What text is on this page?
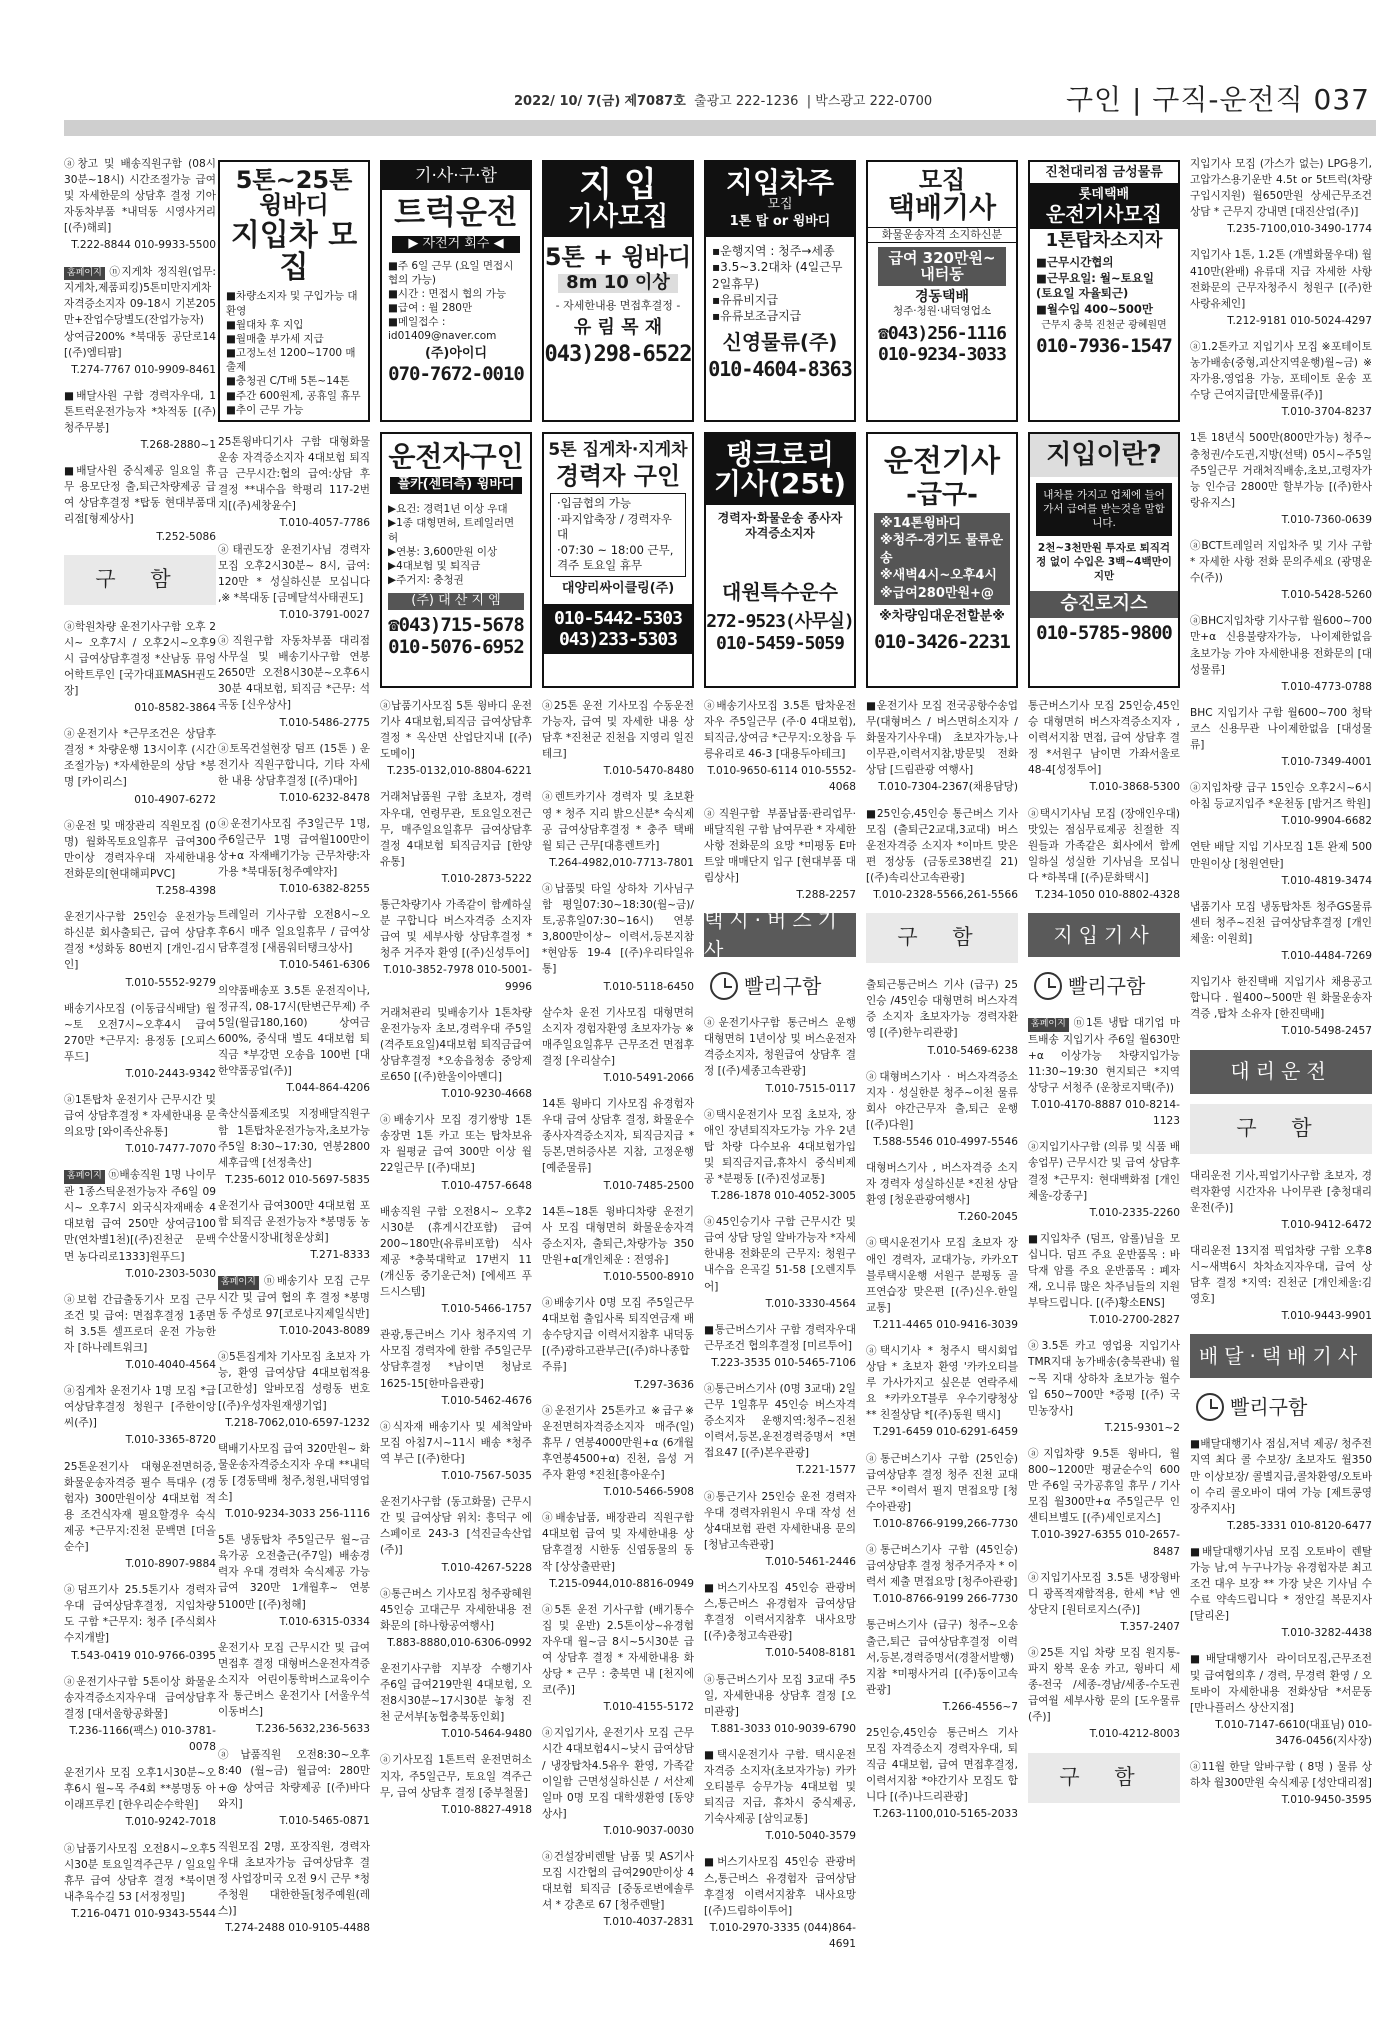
2022/ 10/ 7(금) 제7087호 출광고 222-1236  | 박스광고 222-0700	구인 | 구직-운전직 037
5톤~25톤 윙바디
지입차 모집
■차량소지자 및 구입가능 대환영
■월대차 후 지입
■월매출 부가세 지급
■고정노선 1200~1700 매출제
■충청권 C/T배 5톤~14톤
■주간 600원제, 공휴일 휴무
■추이 근무 가능
기·사·구·함
트럭운전
▶ 자전거 회수 ◀
■주 6일 근무 (요일 면접시 협의 가능)
■시간 : 면접시 협의 가능
■급여 : 월 280만
■메일접수 : id01409@naver.com
(주)아이디
070-7672-0010
지 입
기사모집
5톤 + 윙바디
8m 10 이상
- 자세한내용 면접후결정 -
유 림 목 재
043)298-6522
지입차주
모집
1톤 탑 or 윙바디
▪운행지역 : 청주→세종
▪3.5~3.2대차 (4일근무2일휴무)
▪유류비지급
▪유류보조금지급
신영물류(주)
010-4604-8363
모집
택배기사
화물운송자격 소지하신분
급여 320만원~
내터동
경동택배
청주·청원·내덕영업소
☎043)256-1116
010-9234-3033
진천대리점 금성물류
롯데택배
운전기사모집
1톤탑차소지자
■근무시간협의
■근무요일: 월~토요일 (토요일 자율퇴근)
■월수입 400~500만
근무지 충북 진천군 광혜원면
010-7936-1547
운전자구인
풀카(센터측) 윙바디
▶요건: 경력1년 이상 우대
▶1종 대형면허, 트레일러면허
▶연봉: 3,600만원 이상
▶4대보험 및 퇴직금
▶주거지: 충청권
(주) 대 산 지 엠
☎043)715-5678
010-5076-6952
5톤 집게차·지게차
경력자 구인
·입금협의 가능
·파지압축장 / 경력자우대
·07:30 ~ 18:00 근무, 격주 토요일 휴무
대양리싸이클링(주)
010-5442-5303
043)233-5303
탱크로리
기사(25t)
경력자·화물운송 종사자 자격증소지자
대원특수운수
272-9523(사무실)
010-5459-5059
운전기사
-급구-
※14톤윙바디
※청주-경기도 물류운송
※새벽4시~오후4시
※급여280만원+@
※차량임대운전할분※
010-3426-2231
지입이란?
내차를 가지고 업체에 들어가서 급여를 받는것을 말합니다.
2천~3천만원 투자로 퇴직걱정 없이 수입은 3백~4백만이지만
승진로지스
010-5785-9800
ⓐ창고 및 배송직원구함 (08시30분~18시) 시간조절가능 급여 및 자세한문의 상담후 결정 기아자동차부품 *내덕동 시영사거리[(주)해뢰]
T.222-8844 010-9933-5500
홈페이지 ⓝ지게차 정직원(업무:지게차,제품피킹)5톤미만지게차자격증소지자 09-18시 기본205만+잔업수당별도(잔업가능자) 상여금200% *북대동 공단로14 [(주)엠티팜]
T.274-7767 010-9909-8461
■배달사원 구함 경력자우대, 1톤트럭운전가능자 *차적동 [(주)청주무봉]
T.268-2880~1
■배달사원 중식제공 일요일 휴무 용모단정 출,퇴근차량제공 급여 상담후결정 *탑동 현대부품대리점[형제상사]
T.252-5086
구 함
ⓐ학원차량 운전기사구함 오후 2시~ 오후7시 / 오후2시~오후9시 급여상담후결정 *산남동 뮤엉어학트루인 [국가대표MASH권도장]
010-8582-3864
ⓐ운전기사 *근무조건은 상담후결정 * 차량운행 13시이후 (시간조절가능) *자세한문의 상담 *봉명 [카이리스]
010-4907-6272
ⓐ운전 및 매장관리 직원모집 (0명) 월화목토요일휴무 급여300만이상 경력자우대 자세한내용 전화문의[현대해피PVC]
T.258-4398
운전기사구함 25인승 운전가능하신분 회사출퇴근, 급여 상담후 결정 *성화동 80번지 [개인-김시인]
T.010-5552-9279
배송기사모집 (이동급식배달) 월~토 오전7시~오후4시 급여 270만 *근무지: 용정동 [오피스푸드]
T.010-2443-9342
ⓐ1톤탑차 운전기사 근무시간 및 급여 상담후결정 * 자세한내용 문의요망 [와이족산유통]
T.010-7477-7070
홈페이지 ⓝ배송직원 1명 나이무관 1종스틱운전가능자 주6일 09시~ 오후7시 외국식자재배송 4대보험 급여 250만 상여금100만(연차별1천)[(주)진천군 문백면 농다리로1333]원푸드]
T.010-2303-5030
ⓐ보험 간급출동기사 모집 근무조건 및 급여: 면접후결정 1종면허 3.5톤 셀프로더 운전 가능한자 [하나레트워크]
T.010-4040-4564
ⓐ집게차 운전기사 1명 모집 *급여상담후결정 청원구 [주한이앙씨(주)]
T.010-3365-8720
25톤운전기사 대형운전면허증, 화물운송자격증 필수 특대우 (경험자) 300만원이상 4대보험 적용 조건식자재 필요할경우 숙식제공 *근무지:진천 문백면 [더올순수]
T.010-8907-9884
ⓐ덤프기사 25.5톤기사 경력자우대 급여상담후결정, 지입차량도 구함 *근무지: 청주 [주식회사 수지개발]
T.543-0419 010-9766-0395
ⓐ운전기사구함 5톤이상 화물운송자격증소지자우대 급여상담후결정 [대서울항공화물]
T.236-1166(팩스) 010-3781-0078
운전기사 모집 오후1시30분~오후6시 월~목 주4회 **봉명동 아이래프루킨 [한우리순수학원]
T.010-9242-7018
ⓐ납품기사모집 오전8시~오후5시30분 토요일격주근무 / 일요일 휴무 급여 상담후 결정 *북이면 내추육수길 53 [서정정밀]
T.216-0471 010-9343-5544
25톤윙바디기사 구함 대형화물운송 자격증소지자 4대보험 퇴직금 근무시간:협의 급여:상담 후 결정 **내수읍 학평리 117-2번지[(주)세창윤수]
T.010-4057-7786
ⓐ태권도장 운전기사님 경력자 모집 오후2시30분~ 8시, 급여: 120만 * 성실하신분 모십니다 ,※ *복대동 [금메달석사태권도]
T.010-3791-0027
ⓐ직원구함 자동차부품 대리점 사무실 및 배송기사구함 연봉 2650만 오전8시30분~오후6시30분 4대보험, 퇴직금 *근무: 석곡동 [신우상사]
T.010-5486-2775
ⓐ토목건설현장 덤프 (15톤 ) 운전기사 직원구합니다, 기타 자세한 내용 상담후결정 [(주)대아]
T.010-6232-8478
ⓐ운전기사모집 주3일근무 1명, 주6일근무 1명 급여월100만이상+α 자재배기가능 근무차량:자가용 *북대동[청주예약자]
T.010-6382-8255
트레일러 기사구함 오전8시~오후6시 매주 일요일휴무 / 급여상담후결정 [새롬워터탱크상사]
T.010-5461-6306
의약품배송포 3.5톤 운전직이나, 정규직, 08-17시(탄변근무제) 주5일(월급180,160) 상여금 600%, 중식대 별도 4대보험 퇴직금 *부강면 오송읍 100번 [대한약품공업(주)]
T.044-864-4206
축산식품제조및 지정배달직원구함 1톤탑차운전가능자,초보가능 주5일 8:30~17:30, 연봉2800 세후급액 [선정축산]
T.235-6012 010-5697-5835
운전기사 급여300만 4대보험 포함 퇴직금 운전가능자 *봉명동 농수산물시장내[청운상회]
T.271-8333
홈페이지 ⓝ배송기사 모집 근무시간 및 급여 협의 후 결정 *봉명동 주성로 97[코로나지제일식반]
T.010-2043-8089
ⓐ5톤집게차 기사모집 초보자 가능, 환영 급여상담 4대보험적용 [고한성] 알바모집 성령동 번호[(주)우성자원재생기업]
T.218-7062,010-6597-1232
택배기사모집 급여 320만원~ 화물운송자격증소지자 우대 **내덕동 [경동택배 청주,청원,내덕영업소]
T.010-9234-3033 256-1116
5톤 냉동탑차 주5일근무 월~금 육가공 오전출근(주7일) 배송경력자 우대 경력차 숙식제공 가능 급여 320만 1개월후~ 연봉 5100만 [(주)청해]
T.010-6315-0334
운전기사 모집 근무시간 및 급여면접후 결정 대형버스운전자격증소지자 어린이통학버스교육이수자 통근버스 운전기사 [서울우석이동버스]
T.236-5632,236-5633
ⓐ납품직원 오전8:30~오후8:40 (월~금) 월급여: 280만+@ 상여금 차량제공 [(주)바다와지]
T.010-5465-0871
직원모집 2명, 포장직원, 경력자우대 초보자가능 급여상담후 결정 사업장미국 오전 9시 근무 *청주청원 대한한돌[청주예원(레스)]
T.274-2488 010-9105-4488
ⓐ납품기사모집 5톤 윙바디 운전기사 4대보험,퇴직금 급여상담후 결정 * 옥산면 산업단지내 [(주)도메이]
T.235-0132,010-8804-6221
거래처납품원 구함 초보자, 경력자우대, 연령무관, 토요일오전근무, 매주일요일휴무 급여상담후결정 4대보험 퇴직금지급 [한양유통]
T.010-2873-5222
통근차량기사 가족같이 함께하실분 구합니다 버스자격증 소지자 급여 및 세부사항 상담후결정 * 청주 거주자 환영 [(주)신성투어]
T.010-3852-7978 010-5001-9996
거래처관리 및배송기사 1톤차량운전가능자 초보,경력우대 주5일(격주토요일)4대보험 퇴직금급여 상담후결정 *오송읍청송 중앙제로650 [(주)한울이아멘디]
T.010-9230-4668
ⓐ배송기사 모집 경기쌍방 1톤 송장면 1톤 카고 또는 탑차보유자 월평균 급여 300만 이상 월 22일근무 [(주)대보]
T.010-4757-6648
배송직원 구함 오전8시~ 오후2시30분 (휴게시간포함) 급여 200~180만(유류비포함) 식사제공 *충북대학교 17번지 11 (개신동 중기운근처) [에세프 푸드시스템]
T.010-5466-1757
관광,통근버스 기사 청주지역 기사모집 경력자에 한함 주5일근무 상담후결정 *남이면 청남로 1625-15[한마음관광]
T.010-5462-4676
ⓐ식자재 배송기사 및 세척알바모집 아침7시~11시 배송 *청주역 부근 [(주)한다]
T.010-7567-5035
운전기사구함 (동고화물) 근무시간 및 급여상담 위치: 흥덕구 에스페이로 243-3 [석진글속산업(주)]
T.010-4267-5228
ⓐ통근버스 기사모집 청주광혜원 45인승 고대근무 자세한내용 전화문의 [하나항공여행사]
T.883-8880,010-6306-0992
운전기사구함 지부장 수행기사 주6일 급여219만원 4대보험, 오전8시30분~17시30분 놓청 진천 군서부[농협충북동인회]
T.010-5464-9480
ⓐ기사모집 1톤트럭 운전면허소지자, 주5일근무, 토요일 격주근무, 급여 상담후 결정 [중부철물]
T.010-8827-4918
ⓐ25톤 운전 기사모집 수동운전가능자, 급여 및 자세한 내용 상담후 *진천군 진천읍 지영리 일진테크]
T.010-5470-8480
ⓐ렌트카기사 경력자 및 초보환영 * 청주 지리 밝으신분* 숙식제공 급여상담후결정 * 충주 택배 월 퇴근 근무[대흥렌트카]
T.264-4982,010-7713-7801
ⓐ납품및 타일 상하차 기사님구함 평일07:30~18:30(월~금)/토,공휴일07:30~16시) 연봉 3,800만이상~ 이력서,등본지참 *현암동 19-4 [(주)우리타일유통]
T.010-5118-6450
살수차 운전 기사모집 대형면허소지자 경험자환영 초보자가능 ※매주일요일휴무 근무조건 면접후결정 [우리살수]
T.010-5491-2066
14톤 윙바디 기사모집 유경험자우대 급여 상담후 결정, 화물운수종사자격증소지자, 퇴직금지급 *등본,면허증사본 지참, 고정운행 [예준물류]
T.010-7485-2500
14톤~18톤 윙바디차량 운전기사 모집 대형면허 화물운송자격증소지자, 출퇴근,차량가능 350만원+α[개인체운 : 전영유]
T.010-5500-8910
ⓐ배송기사 0명 모집 주5일근무 4대보험 출입사록 퇴직연금재 배송수당지급 이력서지참후 내덕동[(주)광하고관부근[(주)하나종합주류]
T.297-3636
ⓐ운전기사 25톤카고 ※급구※ 운전면허자격증소지자 매주(일)휴무 / 연봉4000만원+α (6개월후연봉4500+α) 진천, 음성 거주자 환영 *진천[흥아운수]
T.010-5466-5908
ⓐ배송납품, 배장관리 직원구함 4대보험 급여 및 자세한내용 상담후결정 시한동 신엽동물의 동작 [상상출판판]
T.215-0944,010-8816-0949
ⓐ5톤 운전 기사구함 (배기통수집 및 운반) 2.5톤이상~유경험자우대 월~금 8시~5시30분 급여 상담후 결정 * 자세한내용 화상당 * 근무 : 충북면 내 [천지에코(주)]
T.010-4155-5172
ⓐ지입기사, 운전기사 모집 근무시간 4대보험4시~낮시 급여상담 / 냉장탑차4.5유우 환영, 가족같이일함 근면성실하신분 / 서산제일마 0명 모집 대학생환영 [동양상사]
T.010-9037-0030
ⓐ건설장비렌탈 남품 및 AS기사모집 시간협의 급여290만이상 4대보험 퇴직금 [중동로변에솔루셔 * 강촌로 67 [청주렌탈]
T.010-4037-2831
ⓐ배송기사모집 3.5톤 탑차운전자우 주5일근무 (주·0 4대보험), 퇴직금,상여금 *근무지:오창읍 두릉유리로 46-3 [대용두아테크]
T.010-9650-6114 010-5552-4068
ⓐ직원구함 부품납품·관리업무·배달직원 구함 남여무관 * 자세한 사항 전화문의 요망 *미평동 E마트앞 매매단지 입구 [현대부품 대림상사]
T.288-2257
택시·버스기사
빨리구함
ⓐ운전기사구함 통근버스 운행 대형면허 1년이상 및 버스운전자격증소지자, 청원급여 상담후 결정 [(주)세종고속관광]
T.010-7515-0117
ⓐ택시운전기사 모집 초보자, 장애인 장년퇴직자도가능 가우 2년탑 차량 다수보유 4대보험가입 및 퇴직금지급,휴차시 중식비제공 *분평동 [(주)진성교통]
T.286-1878 010-4052-3005
ⓐ45인승기사 구함 근무시간 및 급여 상담 당일 알바가능자 *자세한내용 전화문의 근무지: 청원구 내수읍 은곡길 51-58 [오렌지투어]
T.010-3330-4564
■통근버스기사 구함 경력자우대 근무조건 협의후결정 [미르투어]
T.223-3535 010-5465-7106
ⓐ통근버스기사 (0명 3교대) 2일근무 1일휴무 45인승 버스자격증소지자 운행지역:청주~진천 이력서,등본,운전경력증명서 *면접요47 [(주)본우관광]
T.221-1577
ⓐ통근기사 25인승 운전 경력자우대 경력자위원시 우대 작성 선상4대보험 관련 자세한내용 문의 [청남고속관광]
T.010-5461-2446
■버스기사모집 45인승 관광버스,통근버스 유경험자 급여상담후결정 이력서지참후 내사요망 [(주)충청고속관광]
T.010-5408-8181
ⓐ통근버스기사 모집 3교대 주5일, 자세한내용 상담후 결정 [오미관광]
T.881-3033 010-9039-6790
■택시운전기사 구함. 택시운전자격증 소지자(초보자가능) 카카오티불루 승무가능 4대보험 및 퇴직금 지급, 휴차시 중식제공, 기숙사제공 [삼익교통]
T.010-5040-3579
■버스기사모집 45인승 관광버스,통근버스 유경험자 급여상담후결정 이력서지참후 내사요망 [(주)드림하이투어]
T.010-2970-3335 (044)864-4691
■운전기사 모집 전국공항수송업무(대형버스 / 버스면허소지자 / 화물자기사우대) 초보자가능,나이무관,이력서지참,방문및 전화상담 [드림관광 여행사]
T.010-7304-2367(채용담당)
■25인승,45인승 통근버스 기사 모집 (출퇴근2교대,3교대) 버스운전자격증 소지자 *이마트 맞은편 정상동 (금동로38번길 21) [(주)속리산고속관광]
T.010-2328-5566,261-5566
구 함
출퇴근통근버스 기사 (급구) 25인승 /45인승 대형면허 버스자격증 소지자 초보자가능 경력자환영 [(주)한누리관광]
T.010-5469-6238
ⓐ대형버스기사 · 버스자격증소지자 · 성실한분 청주~이천 물류회사 야간근무자 출,퇴근 운행 [(주)다원]
T.588-5546 010-4997-5546
대형버스기사 , 버스자격증 소지자 경력자 성실하신분 *진천 상담환영 [청운관광여행사]
T.260-2045
ⓐ택시운전기사 모집 초보자 장애인 경력자, 교대가능, 카카오T블루택시운행 서원구 분평동 골프연습장 맞은편 [(주)신우.한일교통]
T.211-4465 010-9416-3039
ⓐ택시기사 * 청주시 택시회업 상담 * 초보자 환영 '카카오티블루 가사가지고 싶은분 연락주세요 *카카오T블루 우수기량청상 ** 친절상담 *[(주)동원 택시]
T.291-6459 010-6291-6459
ⓐ통근버스기사 구함 (25인승) 급여상담후 결정 청주 진천 교대근무 *이력서 필지 면접요망 [청수아관광]
T.010-8766-9199,266-7730
ⓐ통근버스기사 구함 (45인승) 급여상담후 결정 청주거주자 * 이력서 제출 면접요망 [청주아관광]
T.010-8766-9199 266-7730
통근버스기사 (급구) 청주~오송 출근,퇴근 급여상담후결정 이력서,등본,경력증명서(경찰서발행) 지참 *미평사거리 [(주)동이고속관광]
T.266-4556~7
25인승,45인승 통근버스 기사 모집 자격증소지 경력자우대, 퇴직금 4대보험, 급여 면접후결정, 이력서지참 *야간기사 모집도 합니다 [(주)나드리관광]
T.263-1100,010-5165-2033
통근버스기사 모집 25인승,45인승 대형면허 버스자격증소지자 ,이력서지참 면접, 급여 상담후 결정 *서원구 남이면 가좌서울로 48-4[성정투어]
T.010-3868-5300
ⓐ택시기사님 모집 (장애인우대) 맛있는 점심무료제공 친절한 직원들과 가족같은 회사에서 함께 일하실 성실한 기사님을 모십니다 *하복대 [(주)문화택시]
T.234-1050 010-8802-4328
지입기사
빨리구함
홈페이지 ⓝ1톤 냉탑 대기업 마트배송 지입기사 주6일 월630만+α 이상가능 차량지입가능 11:30~19:30 현지퇴근 *지역상당구 서청주 (운창로지택(주))
T.010-4170-8887 010-8214-1123
ⓐ지입기사구함 (의류 및 식품 배송업무) 근무시간 및 급여 상담후 결정 *근무지: 현대백화점 [개인체울-강종구]
T.010-2335-2260
■지입차주 (덤프, 암롤)님을 모십니다. 덤프 주요 운반품목 : 바닥재 암롤 주요 운반품목 : 폐자재, 오니류 많은 차주님들의 지원 부탁드립니다. [(주)황소ENS]
T.010-2700-2827
ⓐ3.5톤 카고 영업용 지입기사 TMR지대 농가배송(충북관내) 월~목 지대 상하차 초보가능 월수입 650~700만 *증평 [(주) 국민농장사]
T.215-9301~2
ⓐ지입차량 9.5톤 윙바디, 월800~1200만 평균순수익 600만 주6일 국가공휴일 휴무 / 기사모집 월300만+α 주5일근무 인센티브별도 [(주)세인로지스]
T.010-3927-6355 010-2657-8487
ⓐ지입기사모집 3.5톤 냉장윙바디 광폭적재함적용, 한세 *남 엔상단지 [원터로지스(주)]
T.357-2407
ⓐ25톤 지입 차량 모집 원지통-파지 왕복 운송 카고, 윙바디 세종-전국 /세종-경남/세종-수도권 급여월 세부사항 문의 [도우물류(주)]
T.010-4212-8003
구 함
지입기사 모집 (가스가 없는) LPG용기,고압가스용기운반 4.5t or 5t트럭(차량구입시지원) 월650만원 상세근무조건상담 * 근무지 강내면 [대진산업(주)]
T.235-7100,010-3490-1774
지입기사 1톤, 1.2톤 (개별화물우대) 월410만(완배) 유류대 지급 자세한 사항 전화문의 근무자청주시 청원구 [(주)한사랑유체인]
T.212-9181 010-5024-4297
ⓐ1.2톤카고 지입기사 모집 ※포테이토 농가배송(중형,괴산지역운행)월~금)※ 자가용,영업용 가능, 포테이토 운송 포수당 근여지급[만세물류(주)]
T.010-3704-8237
1톤 18년식 500만(800만가능) 청주~충청권/수도권,지방(선택) 05시~주5일 주5일근무 거래처직배송,초보,고령자가능 인수금 2800만 할부가능 [(주)한사랑유지스]
T.010-7360-0639
ⓐBCT트레일러 지입차주 및 기사 구함 * 자세한 사항 전화 문의주세요 (광명운수(주))
T.010-5428-5260
ⓐBHC지입차량 기사구함 월600~700만+α 신용불량자가능, 나이제한없음 초보가능 가야 자세한내용 전화문의 [대성물류]
T.010-4773-0788
BHC 지입기사 구함 월600~700 청탁코스 신용무관 나이제한없음 [대성물류]
T.010-7349-4001
ⓐ지입차량 급구 15인승 오후2시~6시 아침 등교지입주 *운천동 [밤거즈 학원]
T.010-9904-6682
연탄 배달 지입 기사모집 1톤 완제 500만원이상 [청원연탄]
T.010-4819-3474
냅품기사 모집 냉동탑차톤 청주GS물류센터 청주~진천 급여상담후결정 [개인체울: 이원희]
T.010-4484-7269
지입기사 한진택배 지입기사 채용공고 합니다 . 월400~500만 원 화물운송자격증 ,탑차 소유자 [한진택배]
T.010-5498-2457
대리운전
구 함
대리운전 기사,픽업기사구함 초보자, 경력자환영 시간자유 나이무관 [충청대리운전(주)]
T.010-9412-6472
대리운전 13지점 픽업차량 구함 오후8시~새벽6시 차차쇼지자우대, 급여 상담후 결정 *지역: 진천군 [개인체울:김영호]
T.010-9443-9901
배달·택배기사
빨리구함
■배달대행기사 점심,저녁 제공/ 청주전지역 최다 콜 수보장/ 초보자도 월350만 이상보장/ 콜별지급,콜차환영/오토바이 수리 콜오바이 대여 가능 [제트콩영장주지사]
T.285-3331 010-8120-6477
■배달대행기사님 모집 오토바이 렌탈 가능 남,여 누구나가능 유경험자분 최고 조건 대우 보장 ** 가장 낮은 기사님 수수료 약속드립니다 * 정안길 복문지사 [달리온]
T.010-3282-4438
■배달대행기사 라이더모집,근무조전 및 급여협의후 / 경력, 무경력 환영 / 오토바이 자세한내용 전화상담 *서문동 [만나플러스 상산지점]
T.010-7147-6610(대표님) 010-3476-0456(지사장)
ⓐ11월 한달 알바구함 ( 8명 ) 물류 상하차 월300만원 숙식제공 [성안대리점]
T.010-9450-3595
